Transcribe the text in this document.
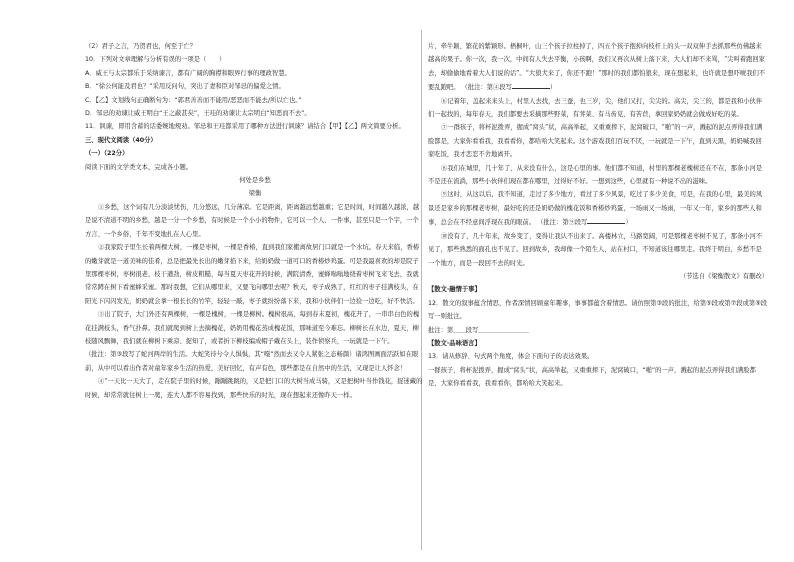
（2）君子之言，乃贺君也，何至于亡？

10．下列对文章理解与分析有误的一项是（　　）

A．威王与太宗都乐于采纳谏言，都有广阔的胸襟和眼界行事的理政智慧。

B．“徐公何能及君也？”采用反问句，突出了妻和臣对邹忌的偏爱之情。

C．【乙】文划线句正确断句为：“郭君善善而不能用/恶恶而不能去/所以亡也。”

D．邹忌的劝谏让威王明白“王之蔽甚矣”，王珪的劝谏让太宗明白“知恶而不去”。

11．讽谏，即用含蓄的话委婉地规劝。邹忌和王珪都采用了哪种方法进行讽谏？请结合【甲】【乙】两文简要分析。

三、现代文阅读（40分）

（一）（22分）

阅读下面的文学类文本，完成各小题。

何处是乡愁

梁衡

①乡愁，这个词有几分淡淡忧伤，几分悠远，几分薄凉。它是距离，距离越远愁越重；它是时间，时间越久越浓，越是说不清道不明的乡愁，越是一分一个乡愁，有时候是一个小小的物件，它可以一个人、一件事，甚至只是一个字，一个方言、一个乡俗，千年不变地扎在人心里。

②我家院子里生长着两棵大树，一棵是枣树，一棵是香椿，直到我们家搬离故居门口就是一个水坑。春天来临，香椿的嫩芽就是一道美味的佳肴，总是把最先长出的嫩芽掐下来，给奶奶做一道可口的香椿炒鸡蛋。可是我最喜欢的却是院子里那棵枣树，枣树很老，枝干遒劲，树皮粗糙，每当夏天枣花开的时候，满院清香，蜜蜂嗡嗡地绕着枣树飞来飞去，我就常常蹲在树下看蜜蜂采蜜。那时我想，它们从哪里来，又要飞向哪里去呢？秋天，枣子成熟了，红红的枣子挂满枝头，在阳光下闪闪发光，奶奶就会拿一根长长的竹竿，轻轻一敲，枣子就纷纷落下来，我和小伙伴们一边捡一边吃，好不快活。

③出了院子，大门外还有两棵树，一棵是槐树，一棵是柳树。槐树很高，每到春末夏初，槐花开了，一串串白色的槐花挂满枝头，香气扑鼻。我们就爬到树上去摘槐花，奶奶用槐花蒸成槐花饭，那味道至今难忘。柳树长在水边，夏天，柳枝随风飘舞，我们就在柳树下乘凉、捉知了，或者折下柳枝编成帽子戴在头上，装作侦察兵，一玩就是一下午。

（批注：第③段写了蛇河两岸的生活。大蛇笑待兮令人惧惧，其“嘎”然而去又令人紧张之态畅颜）诸鸿图画面活跃如在眼前，从中可以看出作者对童年家乡生活的热爱，美好回忆，有声有色，那些都是在自然中的生活，又现是让人怀念！

④“一天比一天大了，走在院子里的时候，蹦蹦跳跳的，又是把门口的大树当成马骑，又是把树叶当作钱花，捉迷藏的时候，却常常就往树上一爬，连大人都不容易找到，那些快乐的时光，现在想起来还像昨天一样。

片，牵牛颖、繁花的紫颖形。梧桐叶，山三个孩子拉柱掉了，四五个孩子抱掉向枝杆上的头一双双伸手去抓那些仿佛越来越高的果子。你一次，我一次，中间有人失去平衡，小孩啊，我们又再次从树上落下来，大人们却不来骂，“尖叫着跑回家去，却偷偷地看着大人们说的话”。“大狼犬来了，你还不跑！”那时的我们都怕狼来，现在想起来，也许就是想吓唬我们不要乱跑吧。 （批注：第④段写	）

⑥记着年，盖起来来头上，村里人去找，去三蚕，也三岁，尖，他们又打，尖尖的。高尖，尖三的，都是我和小伙伴们一起找的，每年春天，我们都要去采摘那些野菜，有荠菜、有马齿苋、有苦苣，拿回家奶奶就会做成好吃的菜。

⑦一群孩子，将杯泥拨弄，握成“窝头”状，高高举起，又重重摔下，泥窝破口，“啪”的一声，溅起的泥点弄得我们满脸都是，大家你看看我，我看看你，都哈哈大笑起来。这个游戏我们百玩不厌，一玩就是一下午，直到天黑，奶奶喊我回家吃饭，我才恋恋不舍地离开。

⑧我们在城里，几十年了，从来没有什么，这是心里的事。他们都不知道，村里的那棵老槐树还在不在，那条小河是不是还在流淌，那些小伙伴们现在都在哪里，过得好不好。一想到这些，心里就有一种说不出的滋味。

⑨这时，从这以后，我不知道，走过了多少地方，看过了多少风景，吃过了多少美食，可是，在我的心里，最美的风景还是家乡的那棵老枣树，最好吃的还是奶奶做的槐花饭和香椿炒鸡蛋，一场雨又一场雨，一年又一年，家乡的那些人和事，总会在不经意间浮现在我的眼前。 （批注：第⑨段写	）

⑩没有了，几十年来，故乡变了，变得让我认不出来了。高楼林立，马路宽阔，可是那棵老枣树不见了，那条小河不见了，那些熟悉的面孔也不见了。回到故乡，我却像一个陌生人，站在村口，不知道该往哪里走。我终于明白，乡愁不是一个地方，而是一段回不去的时光。

（节选自《梁衡散文》有删改）

【散文·融情于事】

12．散文的叙事蕴含情思，作者深情回顾童年趣事，事事都蕴含着情思。请仿照第③段的批注，给第⑤段或第⑦段或第⑨段写一则批注。

批注：第＿＿段写＿＿＿＿＿＿＿＿

【散文·品味语言】

13．请从修辞、句式两个角度，体会下面句子的表达效果。

一群孩子，将杯泥拨弄，握成“窝头”状，高高举起，又重重摔下，泥窝破口，“啪”的一声，溅起的泥点弄得我们满脸都是，大家你看看我，我看看你，都哈哈大笑起来。
